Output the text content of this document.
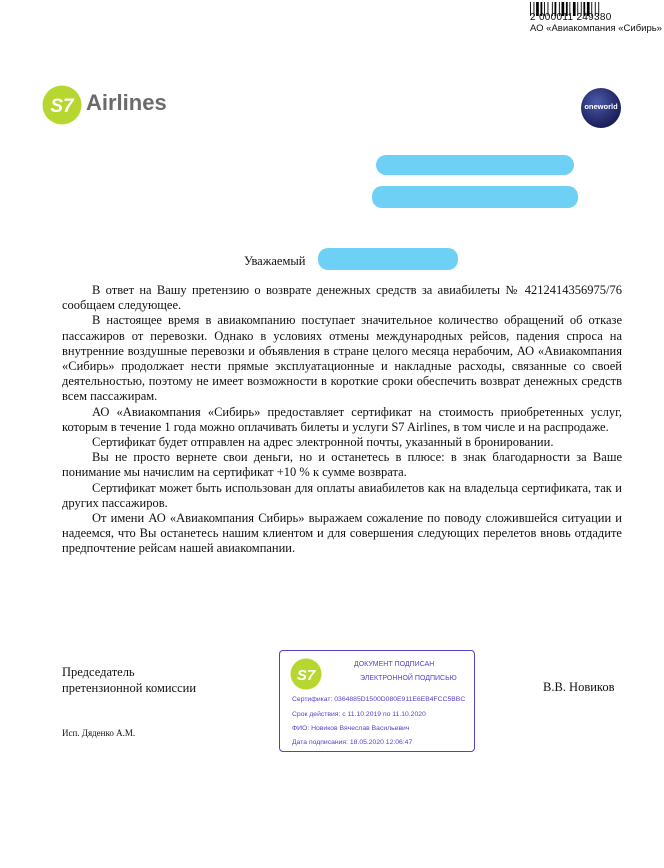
2 000011 249380
АО «Авиакомпания «Сибирь»
S7 Airlines	oneworld
Уважаемый

В ответ на Вашу претензию о возврате денежных средств за авиабилеты № 4212414356975/76 сообщаем следующее.

В настоящее время в авиакомпанию поступает значительное количество обращений об отказе пассажиров от перевозки. Однако в условиях отмены международных рейсов, падения спроса на внутренние воздушные перевозки и объявления в стране целого месяца нерабочим, АО «Авиакомпания «Сибирь» продолжает нести прямые эксплуатационные и накладные расходы, связанные со своей деятельностью, поэтому не имеет возможности в короткие сроки обеспечить возврат денежных средств всем пассажирам.

АО «Авиакомпания «Сибирь» предоставляет сертификат на стоимость приобретенных услуг, которым в течение 1 года можно оплачивать билеты и услуги S7 Airlines, в том числе и на распродаже.

Сертификат будет отправлен на адрес электронной почты, указанный в бронировании.

Вы не просто вернете свои деньги, но и останетесь в плюсе: в знак благодарности за Ваше понимание мы начислим на сертификат +10 % к сумме возврата.

Сертификат может быть использован для оплаты авиабилетов как на владельца сертификата, так и других пассажиров.

От имени АО «Авиакомпания Сибирь» выражаем сожаление по поводу сложившейся ситуации и надеемся, что Вы останетесь нашим клиентом и для совершения следующих перелетов вновь отдадите предпочтение рейсам нашей авиакомпании.

Председатель
претензионной комиссии	В.В. Новиков
Исп. Дяденко А.М.
S7
ДОКУМЕНТ ПОДПИСАН
ЭЛЕКТРОННОЙ ПОДПИСЬЮ
Сертификат: 0364885D1500D080E911E6EB4FCC5BBC
Срок действия: с 11.10.2019 по 11.10.2020
ФИО: Новиков Вячеслав Васильевич
Дата подписания: 18.05.2020 12:06:47
